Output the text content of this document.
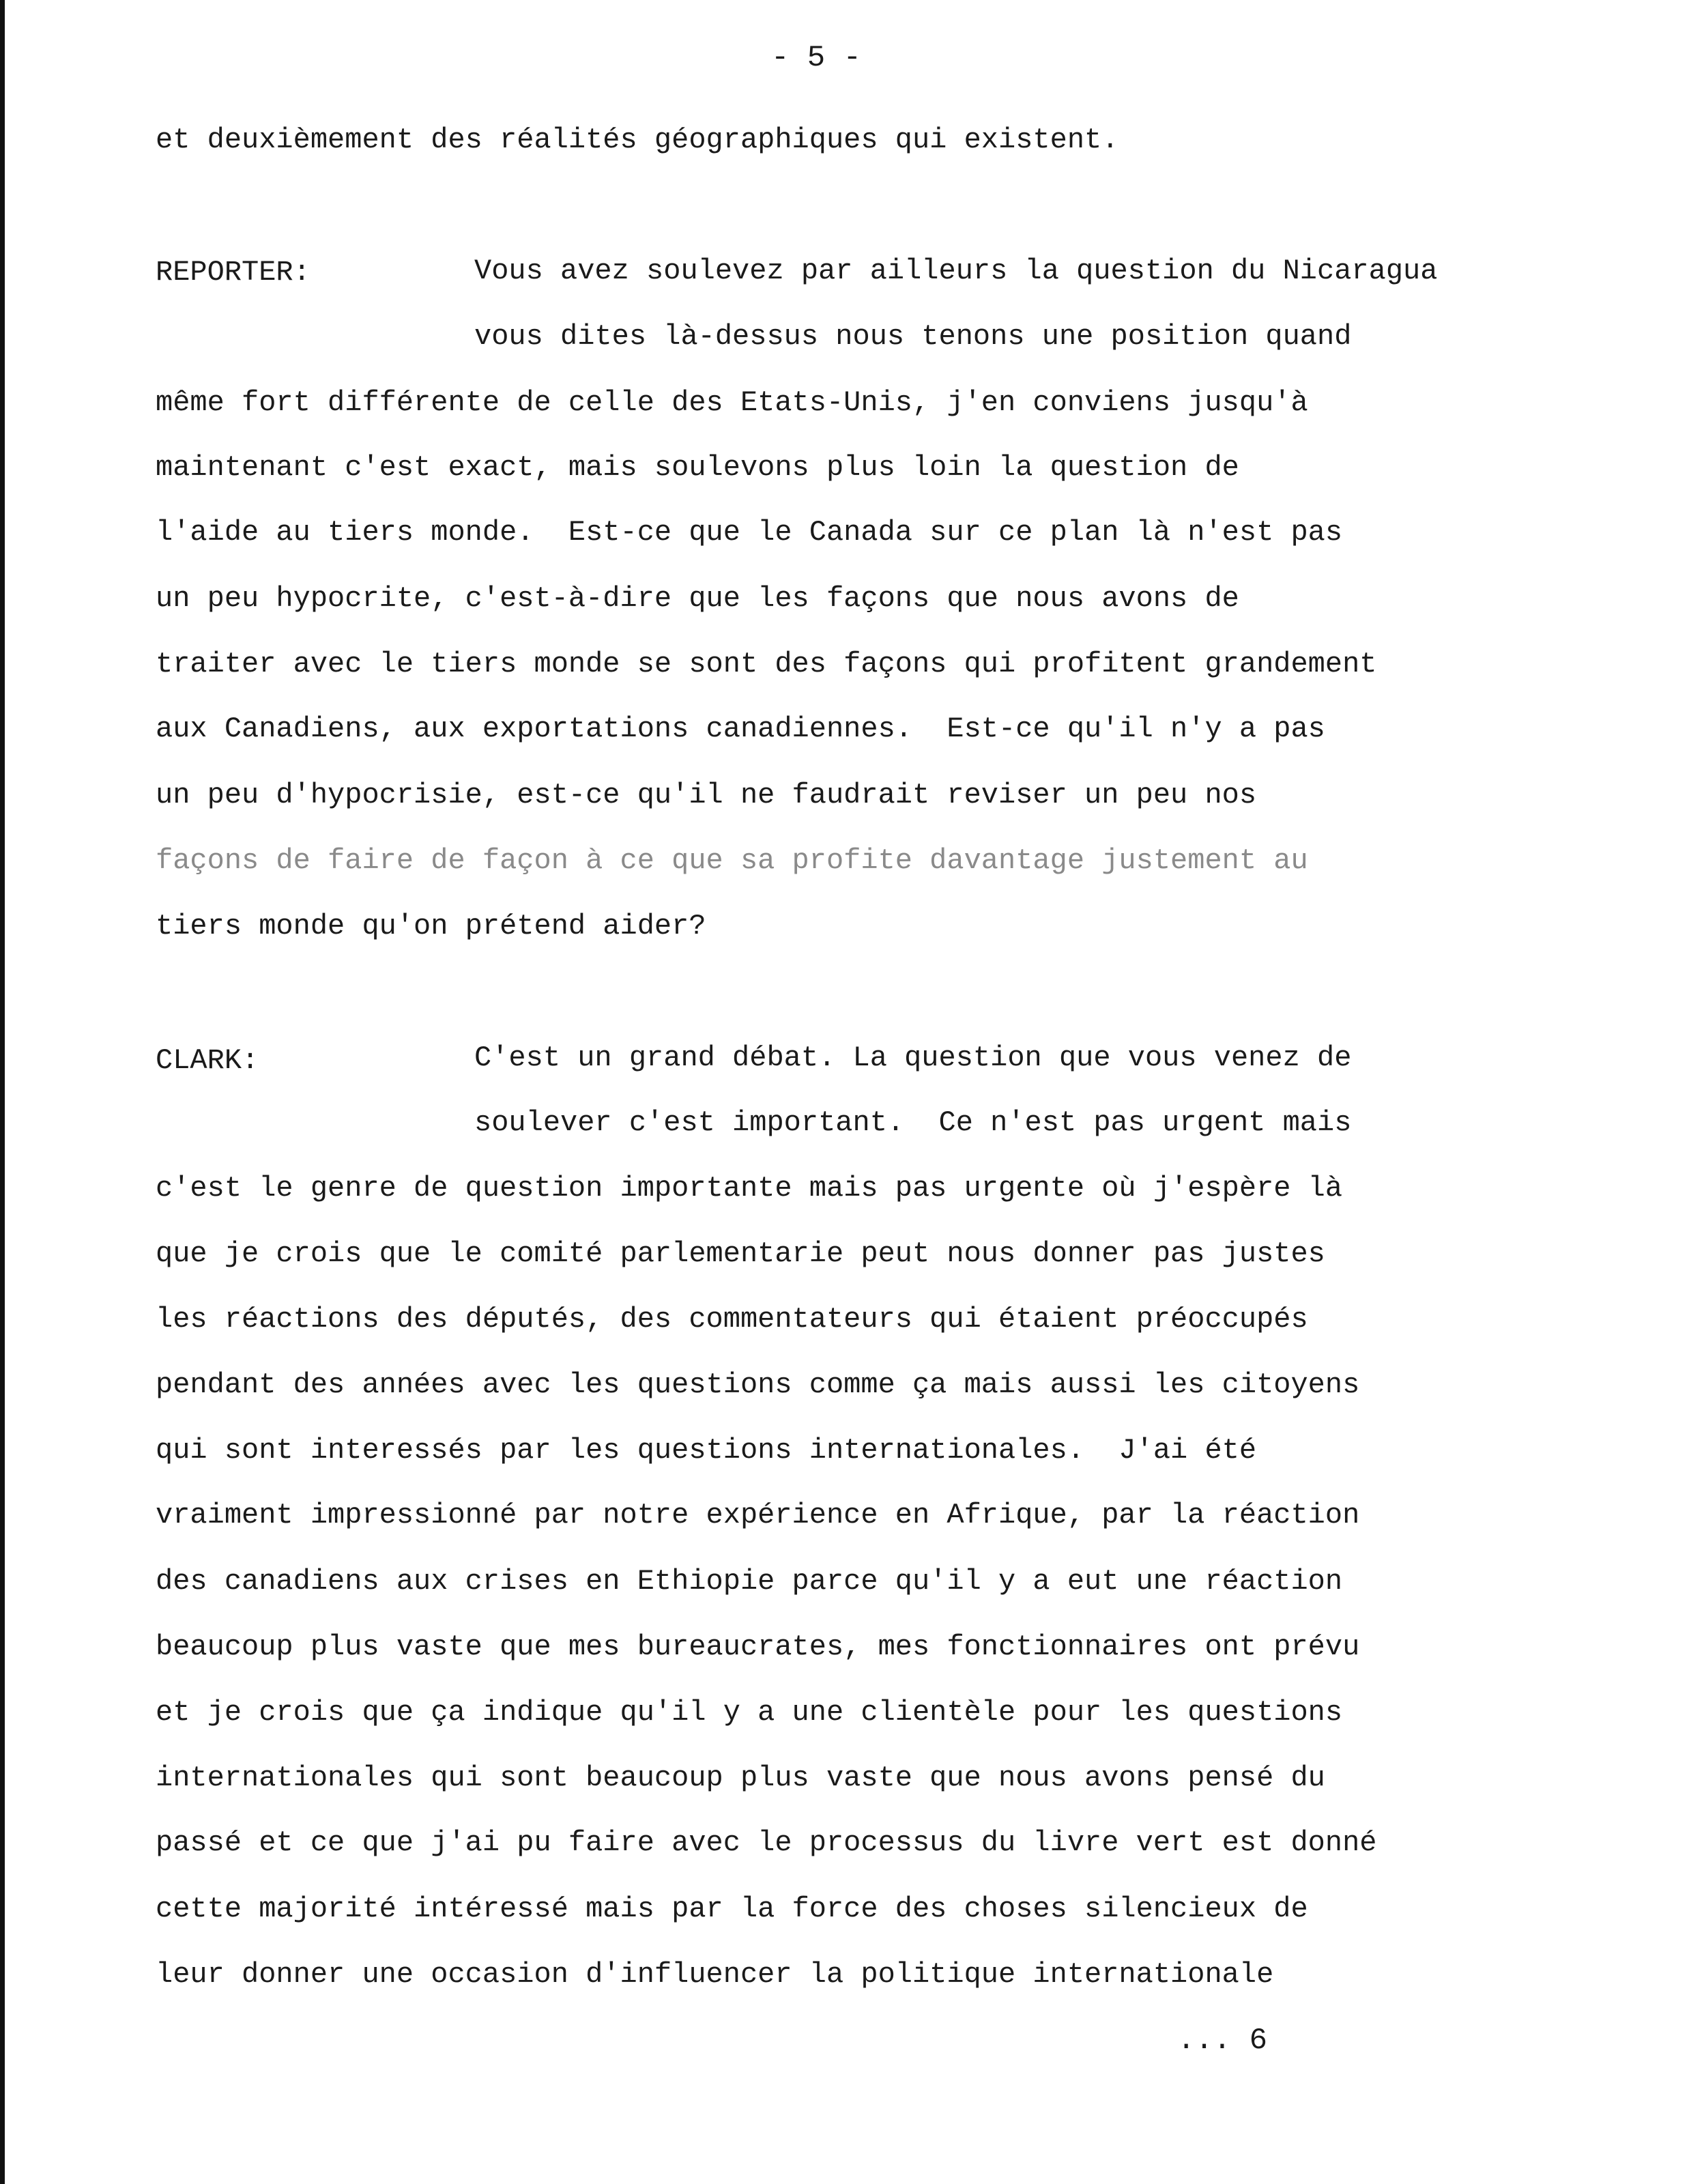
- 5 -
et deuxièmement des réalités géographiques qui existent.
REPORTER:	Vous avez soulevez par ailleurs la question du Nicaragua
vous dites là-dessus nous tenons une position quand
même fort différente de celle des Etats-Unis, j'en conviens jusqu'à
maintenant c'est exact, mais soulevons plus loin la question de
l'aide au tiers monde.  Est-ce que le Canada sur ce plan là n'est pas
un peu hypocrite, c'est-à-dire que les façons que nous avons de
traiter avec le tiers monde se sont des façons qui profitent grandement
aux Canadiens, aux exportations canadiennes.  Est-ce qu'il n'y a pas
un peu d'hypocrisie, est-ce qu'il ne faudrait reviser un peu nos
façons de faire de façon à ce que sa profite davantage justement au
tiers monde qu'on prétend aider?
CLARK:	C'est un grand débat. La question que vous venez de
soulever c'est important.  Ce n'est pas urgent mais
c'est le genre de question importante mais pas urgente où j'espère là
que je crois que le comité parlementarie peut nous donner pas justes
les réactions des députés, des commentateurs qui étaient préoccupés
pendant des années avec les questions comme ça mais aussi les citoyens
qui sont interessés par les questions internationales.  J'ai été
vraiment impressionné par notre expérience en Afrique, par la réaction
des canadiens aux crises en Ethiopie parce qu'il y a eut une réaction
beaucoup plus vaste que mes bureaucrates, mes fonctionnaires ont prévu
et je crois que ça indique qu'il y a une clientèle pour les questions
internationales qui sont beaucoup plus vaste que nous avons pensé du
passé et ce que j'ai pu faire avec le processus du livre vert est donné
cette majorité intéressé mais par la force des choses silencieux de
leur donner une occasion d'influencer la politique internationale
... 6
